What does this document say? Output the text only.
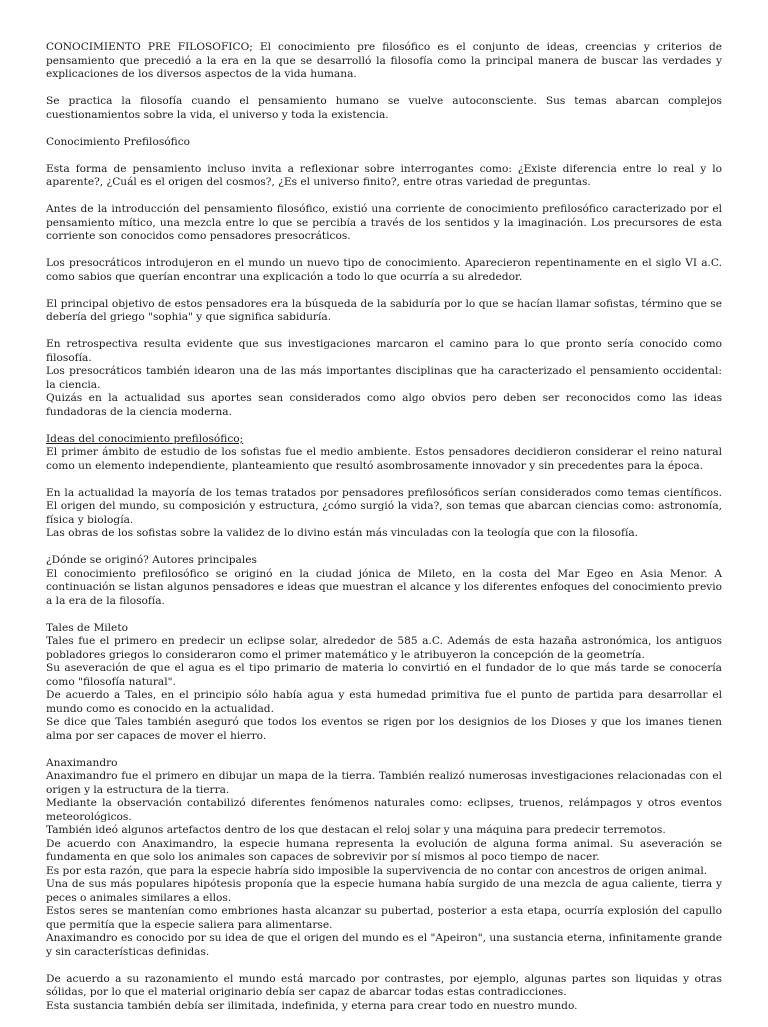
CONOCIMIENTO PRE FILOSOFICO; El conocimiento pre filosófico es el conjunto de ideas, creencias y criterios de pensamiento que precedió a la era en la que se desarrolló la filosofía como la principal manera de buscar las verdades y explicaciones de los diversos aspectos de la vida humana.

Se practica la filosofía cuando el pensamiento humano se vuelve autoconsciente. Sus temas abarcan complejos cuestionamientos sobre la vida, el universo y toda la existencia.

Conocimiento Prefilosófico

Esta forma de pensamiento incluso invita a reflexionar sobre interrogantes como: ¿Existe diferencia entre lo real y lo aparente?, ¿Cuál es el origen del cosmos?, ¿Es el universo finito?, entre otras variedad de preguntas.

Antes de la introducción del pensamiento filosófico, existió una corriente de conocimiento prefilosófico caracterizado por el pensamiento mítico, una mezcla entre lo que se percibía a través de los sentidos y la imaginación. Los precursores de esta corriente son conocidos como pensadores presocráticos.

Los presocráticos introdujeron en el mundo un nuevo tipo de conocimiento. Aparecieron repentinamente en el siglo VI a.C. como sabios que querían encontrar una explicación a todo lo que ocurría a su alrededor.

El principal objetivo de estos pensadores era la búsqueda de la sabiduría por lo que se hacían llamar sofistas, término que se debería del griego "sophia" y que significa sabiduría.

En retrospectiva resulta evidente que sus investigaciones marcaron el camino para lo que pronto sería conocido como filosofía.

Los presocráticos también idearon una de las más importantes disciplinas que ha caracterizado el pensamiento occidental: la ciencia.

Quizás en la actualidad sus aportes sean considerados como algo obvios pero deben ser reconocidos como las ideas fundadoras de la ciencia moderna.

Ideas del conocimiento prefilosófico;

El primer ámbito de estudio de los sofistas fue el medio ambiente. Estos pensadores decidieron considerar el reino natural como un elemento independiente, planteamiento que resultó asombrosamente innovador y sin precedentes para la época.

En la actualidad la mayoría de los temas tratados por pensadores prefilosóficos serían considerados como temas científicos. El origen del mundo, su composición y estructura, ¿cómo surgió la vida?, son temas que abarcan ciencias como: astronomía, física y biología.

Las obras de los sofistas sobre la validez de lo divino están más vinculadas con la teología que con la filosofía.

¿Dónde se originó? Autores principales

El conocimiento prefilosófico se originó en la ciudad jónica de Mileto, en la costa del Mar Egeo en Asia Menor. A continuación se listan algunos pensadores e ideas que muestran el alcance y los diferentes enfoques del conocimiento previo a la era de la filosofía.

Tales de Mileto

Tales fue el primero en predecir un eclipse solar, alrededor de 585 a.C. Además de esta hazaña astronómica, los antiguos pobladores griegos lo consideraron como el primer matemático y le atribuyeron la concepción de la geometría.

Su aseveración de que el agua es el tipo primario de materia lo convirtió en el fundador de lo que más tarde se conocería como "filosofía natural".

De acuerdo a Tales, en el principio sólo había agua y esta humedad primitiva fue el punto de partida para desarrollar el mundo como es conocido en la actualidad.

Se dice que Tales también aseguró que todos los eventos se rigen por los designios de los Dioses y que los imanes tienen alma por ser capaces de mover el hierro.

Anaximandro

Anaximandro fue el primero en dibujar un mapa de la tierra. También realizó numerosas investigaciones relacionadas con el origen y la estructura de la tierra.

Mediante la observación contabilizó diferentes fenómenos naturales como: eclipses, truenos, relámpagos y otros eventos meteorológicos.

También ideó algunos artefactos dentro de los que destacan el reloj solar y una máquina para predecir terremotos.

De acuerdo con Anaximandro, la especie humana representa la evolución de alguna forma animal. Su aseveración se fundamenta en que solo los animales son capaces de sobrevivir por sí mismos al poco tiempo de nacer.

Es por esta razón, que para la especie habría sido imposible la supervivencia de no contar con ancestros de origen animal.

Una de sus más populares hipótesis proponía que la especie humana había surgido de una mezcla de agua caliente, tierra y peces o animales similares a ellos.

Estos seres se mantenían como embriones hasta alcanzar su pubertad, posterior a esta etapa, ocurría explosión del capullo que permitía que la especie saliera para alimentarse.

Anaximandro es conocido por su idea de que el origen del mundo es el "Apeiron", una sustancia eterna, infinitamente grande y sin características definidas.

De acuerdo a su razonamiento el mundo está marcado por contrastes, por ejemplo, algunas partes son liquidas y otras sólidas, por lo que el material originario debía ser capaz de abarcar todas estas contradicciones.

Esta sustancia también debía ser ilimitada, indefinida, y eterna para crear todo en nuestro mundo.
